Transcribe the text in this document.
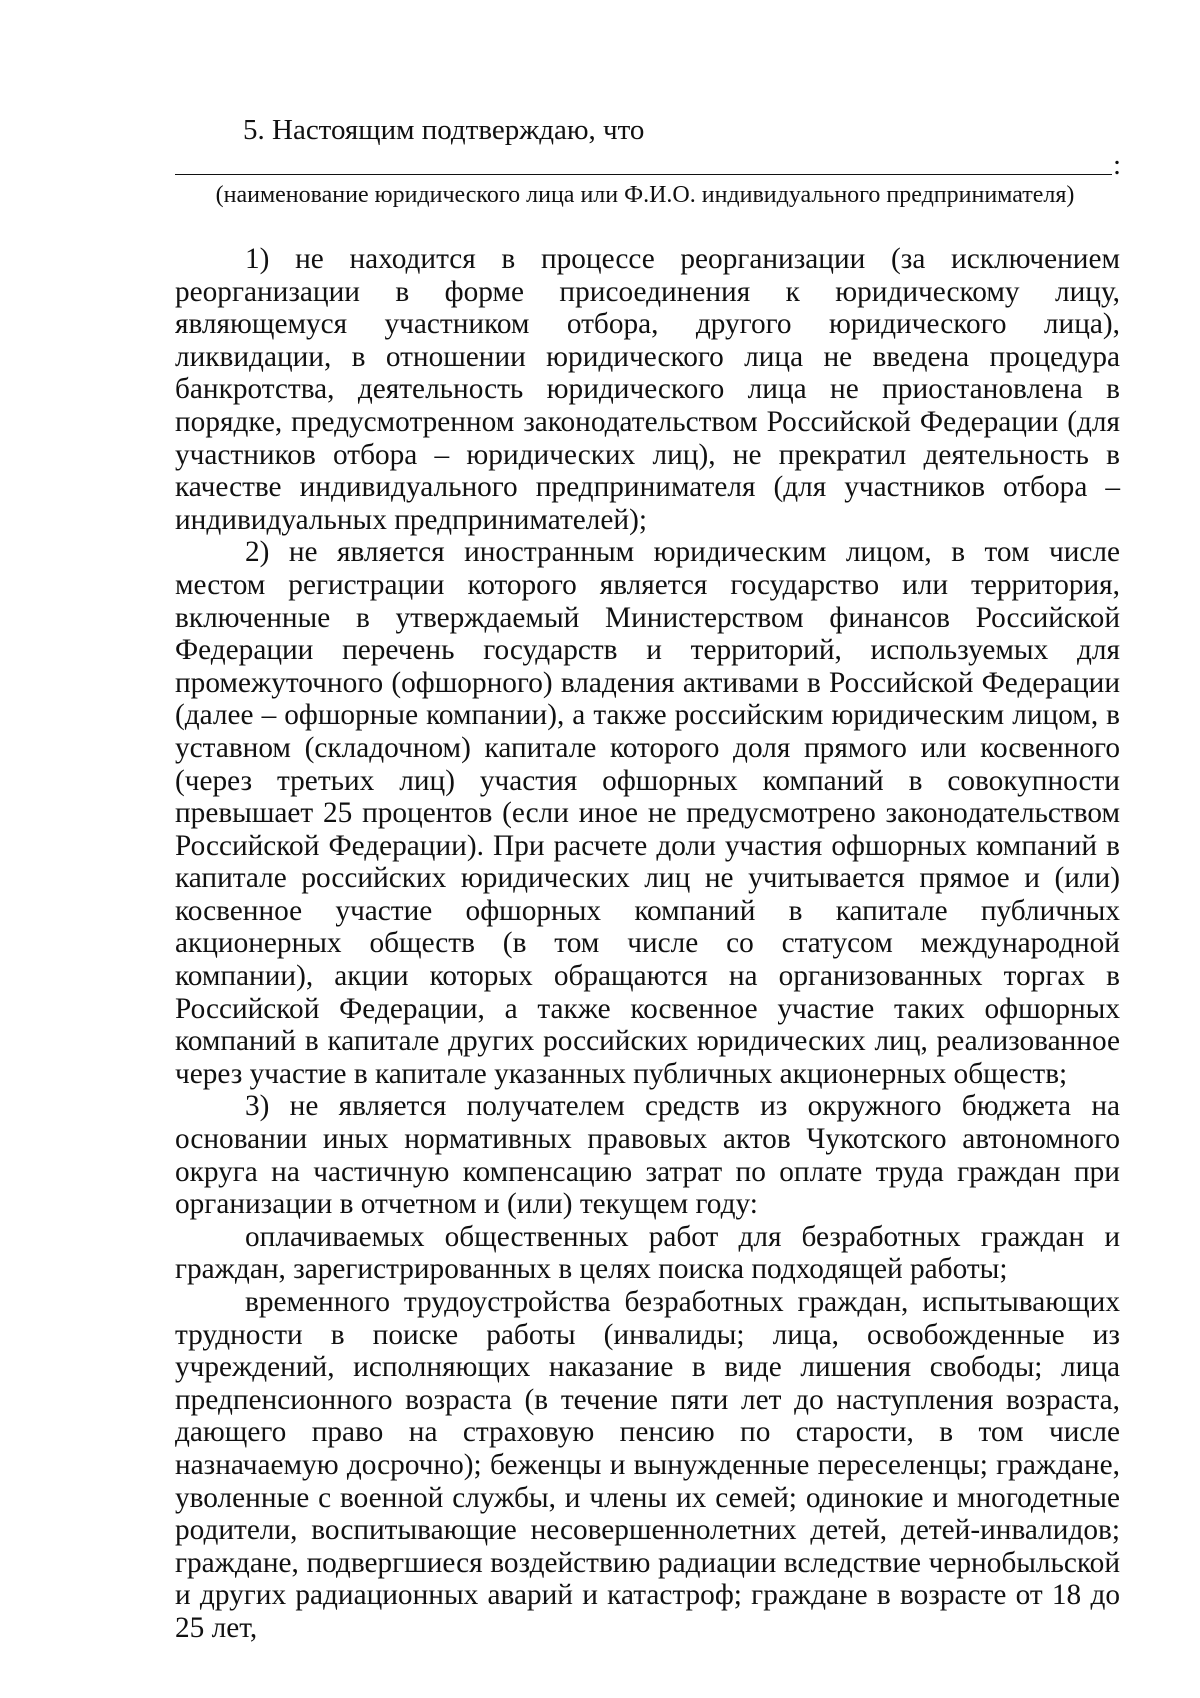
5. Настоящим подтверждаю, что

:
(наименование юридического лица или Ф.И.О. индивидуального предпринимателя)

1) не находится в процессе реорганизации (за исключением реорганизации в форме присоединения к юридическому лицу, являющемуся участником отбора, другого юридического лица), ликвидации, в отношении юридического лица не введена процедура банкротства, деятельность юридического лица не приостановлена в порядке, предусмотренном законодательством Российской Федерации (для участников отбора – юридических лиц), не прекратил деятельность в качестве индивидуального предпринимателя (для участников отбора – индивидуальных предпринимателей);

2) не является иностранным юридическим лицом, в том числе местом регистрации которого является государство или территория, включенные в утверждаемый Министерством финансов Российской Федерации перечень государств и территорий, используемых для промежуточного (офшорного) владения активами в Российской Федерации (далее – офшорные компании), а также российским юридическим лицом, в уставном (складочном) капитале которого доля прямого или косвенного (через третьих лиц) участия офшорных компаний в совокупности превышает 25 процентов (если иное не предусмотрено законодательством Российской Федерации). При расчете доли участия офшорных компаний в капитале российских юридических лиц не учитывается прямое и (или) косвенное участие офшорных компаний в капитале публичных акционерных обществ (в том числе со статусом международной компании), акции которых обращаются на организованных торгах в Российской Федерации, а также косвенное участие таких офшорных компаний в капитале других российских юридических лиц, реализованное через участие в капитале указанных публичных акционерных обществ;

3) не является получателем средств из окружного бюджета на основании иных нормативных правовых актов Чукотского автономного округа на частичную компенсацию затрат по оплате труда граждан при организации в отчетном и (или) текущем году:

оплачиваемых общественных работ для безработных граждан и граждан, зарегистрированных в целях поиска подходящей работы;

временного трудоустройства безработных граждан, испытывающих трудности в поиске работы (инвалиды; лица, освобожденные из учреждений, исполняющих наказание в виде лишения свободы; лица предпенсионного возраста (в течение пяти лет до наступления возраста, дающего право на страховую пенсию по старости, в том числе назначаемую досрочно); беженцы и вынужденные переселенцы; граждане, уволенные с военной службы, и члены их семей; одинокие и многодетные родители, воспитывающие несовершеннолетних детей, детей-инвалидов; граждане, подвергшиеся воздействию радиации вследствие чернобыльской и других радиационных аварий и катастроф; граждане в возрасте от 18 до 25 лет,
